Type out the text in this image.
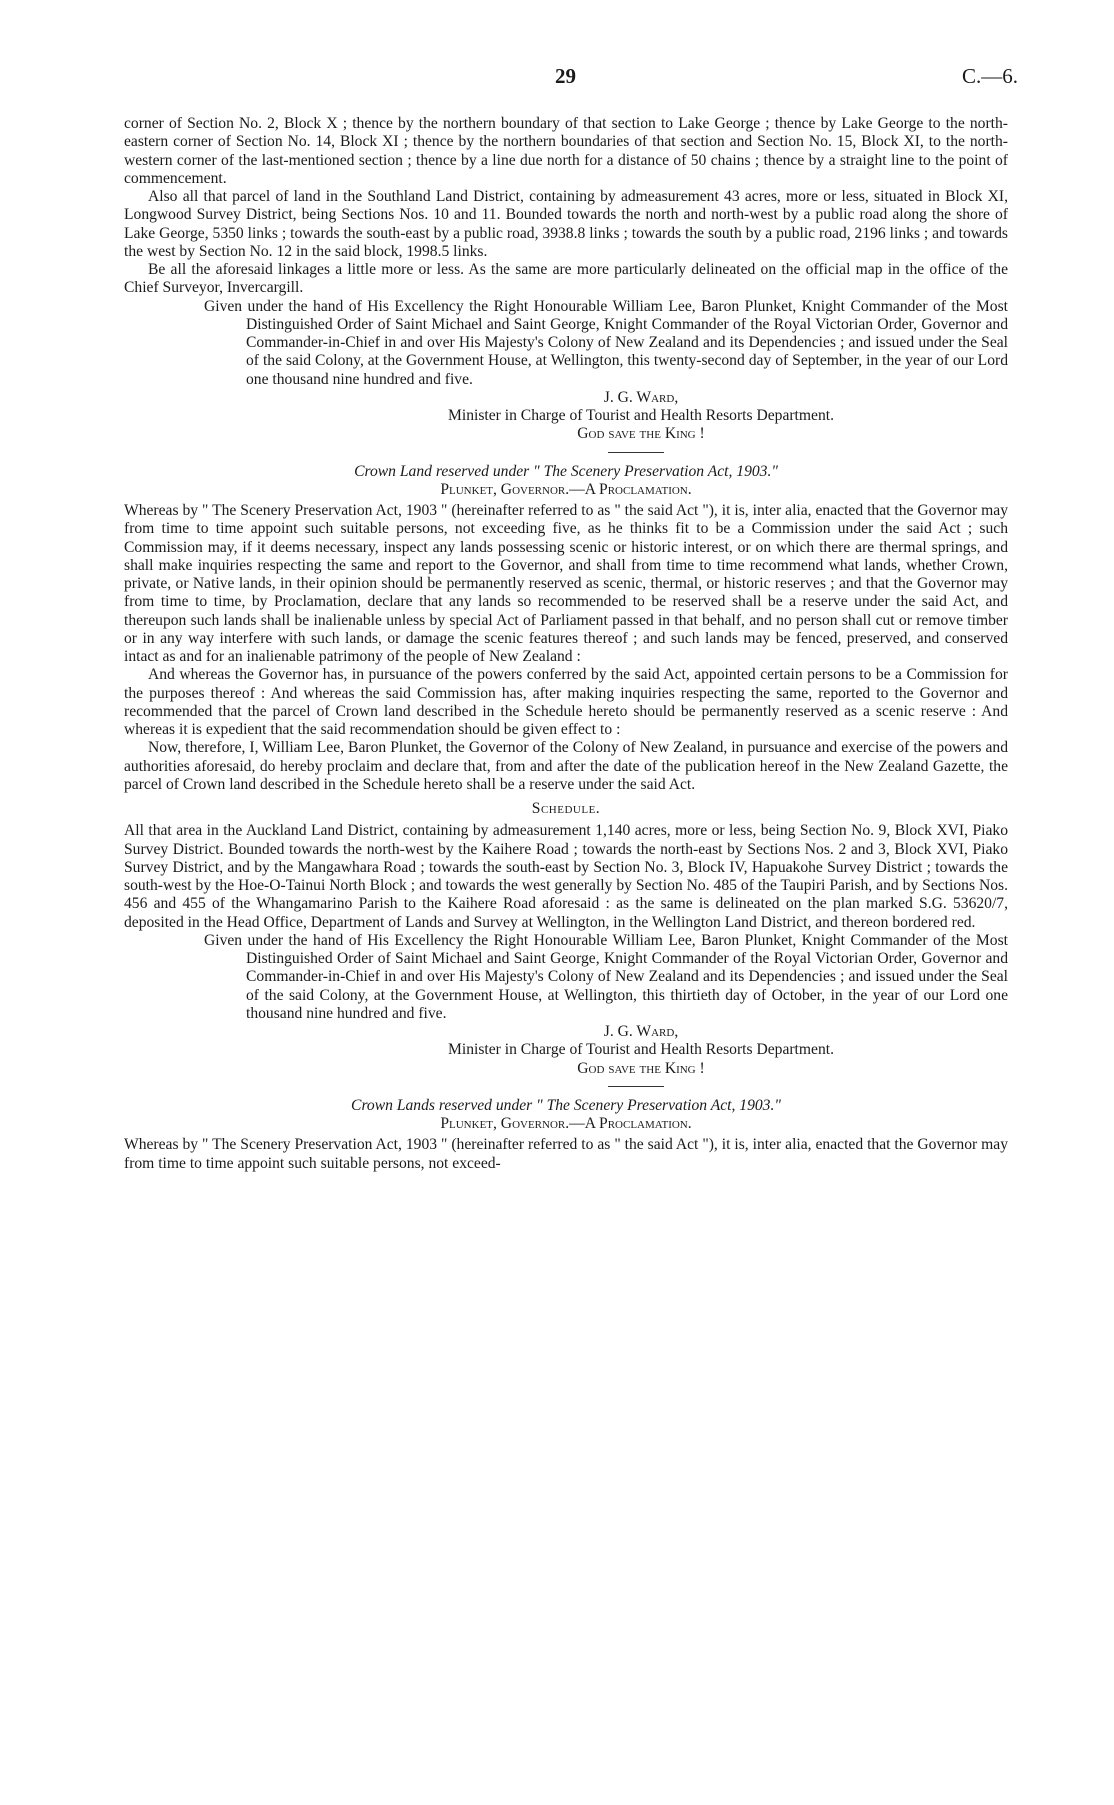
29	C.—6.

corner of Section No. 2, Block X ; thence by the northern boundary of that section to Lake George ; thence by Lake George to the north-eastern corner of Section No. 14, Block XI ; thence by the northern boundaries of that section and Section No. 15, Block XI, to the north-western corner of the last-mentioned section ; thence by a line due north for a distance of 50 chains ; thence by a straight line to the point of commencement.

Also all that parcel of land in the Southland Land District, containing by admeasurement 43 acres, more or less, situated in Block XI, Longwood Survey District, being Sections Nos. 10 and 11. Bounded towards the north and north-west by a public road along the shore of Lake George, 5350 links ; towards the south-east by a public road, 3938.8 links ; towards the south by a public road, 2196 links ; and towards the west by Section No. 12 in the said block, 1998.5 links.

Be all the aforesaid linkages a little more or less. As the same are more particularly delineated on the official map in the office of the Chief Surveyor, Invercargill.

Given under the hand of His Excellency the Right Honourable William Lee, Baron Plunket, Knight Commander of the Most Distinguished Order of Saint Michael and Saint George, Knight Commander of the Royal Victorian Order, Governor and Commander-in-Chief in and over His Majesty's Colony of New Zealand and its Dependencies ; and issued under the Seal of the said Colony, at the Government House, at Wellington, this twenty-second day of September, in the year of our Lord one thousand nine hundred and five.

J. G. Ward,

Minister in Charge of Tourist and Health Resorts Department.

God save the King !

Crown Land reserved under " The Scenery Preservation Act, 1903."

Plunket, Governor.—A Proclamation.

Whereas by " The Scenery Preservation Act, 1903 " (hereinafter referred to as " the said Act "), it is, inter alia, enacted that the Governor may from time to time appoint such suitable persons, not exceeding five, as he thinks fit to be a Commission under the said Act ; such Commission may, if it deems necessary, inspect any lands possessing scenic or historic interest, or on which there are thermal springs, and shall make inquiries respecting the same and report to the Governor, and shall from time to time recommend what lands, whether Crown, private, or Native lands, in their opinion should be permanently reserved as scenic, thermal, or historic reserves ; and that the Governor may from time to time, by Proclamation, declare that any lands so recommended to be reserved shall be a reserve under the said Act, and thereupon such lands shall be inalienable unless by special Act of Parliament passed in that behalf, and no person shall cut or remove timber or in any way interfere with such lands, or damage the scenic features thereof ; and such lands may be fenced, preserved, and conserved intact as and for an inalienable patrimony of the people of New Zealand :

And whereas the Governor has, in pursuance of the powers conferred by the said Act, appointed certain persons to be a Commission for the purposes thereof : And whereas the said Commission has, after making inquiries respecting the same, reported to the Governor and recommended that the parcel of Crown land described in the Schedule hereto should be permanently reserved as a scenic reserve : And whereas it is expedient that the said recommendation should be given effect to :

Now, therefore, I, William Lee, Baron Plunket, the Governor of the Colony of New Zealand, in pursuance and exercise of the powers and authorities aforesaid, do hereby proclaim and declare that, from and after the date of the publication hereof in the New Zealand Gazette, the parcel of Crown land described in the Schedule hereto shall be a reserve under the said Act.

Schedule.

All that area in the Auckland Land District, containing by admeasurement 1,140 acres, more or less, being Section No. 9, Block XVI, Piako Survey District. Bounded towards the north-west by the Kaihere Road ; towards the north-east by Sections Nos. 2 and 3, Block XVI, Piako Survey District, and by the Mangawhara Road ; towards the south-east by Section No. 3, Block IV, Hapuakohe Survey District ; towards the south-west by the Hoe-O-Tainui North Block ; and towards the west generally by Section No. 485 of the Taupiri Parish, and by Sections Nos. 456 and 455 of the Whangamarino Parish to the Kaihere Road aforesaid : as the same is delineated on the plan marked S.G. 53620/7, deposited in the Head Office, Department of Lands and Survey at Wellington, in the Wellington Land District, and thereon bordered red.

Given under the hand of His Excellency the Right Honourable William Lee, Baron Plunket, Knight Commander of the Most Distinguished Order of Saint Michael and Saint George, Knight Commander of the Royal Victorian Order, Governor and Commander-in-Chief in and over His Majesty's Colony of New Zealand and its Dependencies ; and issued under the Seal of the said Colony, at the Government House, at Wellington, this thirtieth day of October, in the year of our Lord one thousand nine hundred and five.

J. G. Ward,

Minister in Charge of Tourist and Health Resorts Department.

God save the King !

Crown Lands reserved under " The Scenery Preservation Act, 1903."

Plunket, Governor.—A Proclamation.

Whereas by " The Scenery Preservation Act, 1903 " (hereinafter referred to as " the said Act "), it is, inter alia, enacted that the Governor may from time to time appoint such suitable persons, not exceed-
